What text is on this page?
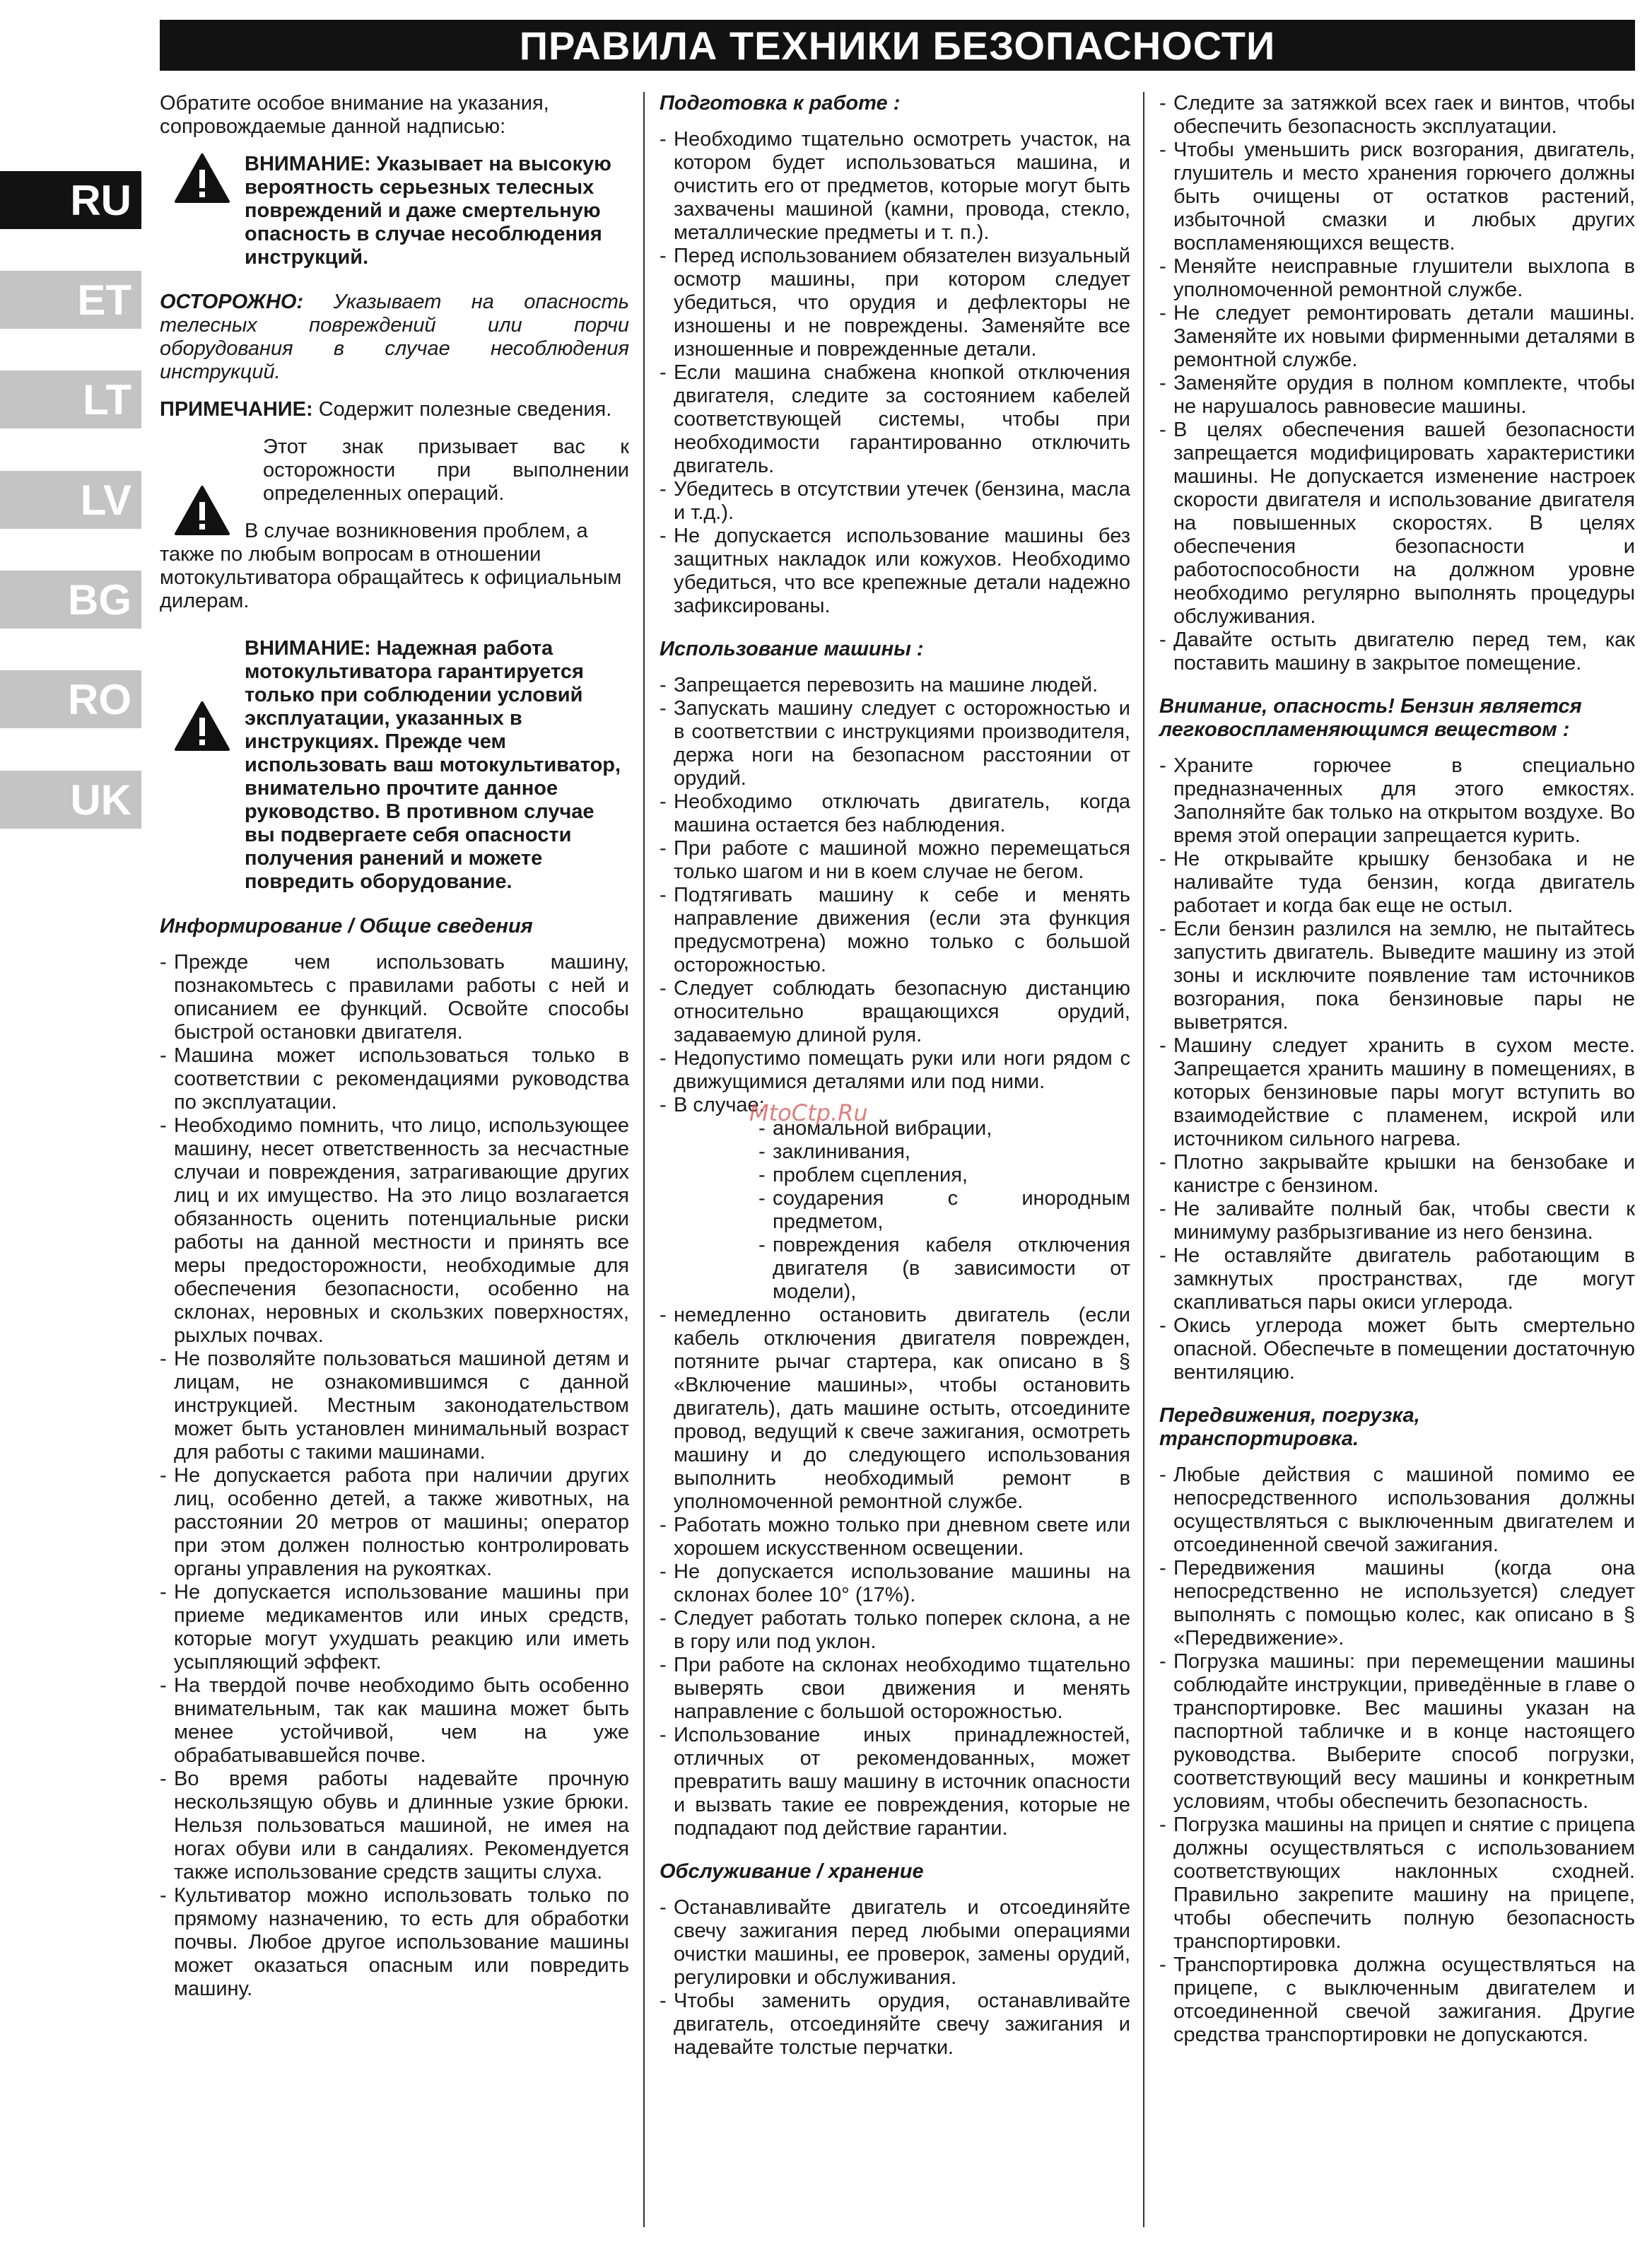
ПРАВИЛА ТЕХНИКИ БЕЗОПАСНОСТИ
RU
ET
LT
LV
BG
RO
UK

Обратите особое внимание на указания, сопровождаемые данной надписью:

ВНИМАНИЕ: Указывает на высокую вероятность серьезных телесных повреждений и даже смертельную опасность в случае несоблюдения инструкций.

ОСТОРОЖНО: Указывает на опасность телесных повреждений или порчи оборудования в случае несоблюдения инструкций.

ПРИМЕЧАНИЕ: Содержит полезные сведения.

Этот знак призывает вас к осторожности при выполнении определенных операций.
В случае возникновения проблем, а также по любым вопросам в отношении мотокультиватора обращайтесь к официальным дилерам.
ВНИМАНИЕ: Надежная работа мотокультиватора гарантируется только при соблюдении условий эксплуатации, указанных в инструкциях. Прежде чем использовать ваш мотокультиватор, внимательно прочтите данное руководство. В противном случае вы подвергаете себя опасности получения ранений и можете повредить оборудование.
Информирование / Общие сведения
- Прежде чем использовать машину, познакомьтесь с правилами работы с ней и описанием ее функций. Освойте способы быстрой остановки двигателя.
- Машина может использоваться только в соответствии с рекомендациями руководства по эксплуатации.
- Необходимо помнить, что лицо, использующее машину, несет ответственность за несчастные случаи и повреждения, затрагивающие других лиц и их имущество. На это лицо возлагается обязанность оценить потенциальные риски работы на данной местности и принять все меры предосторожности, необходимые для обеспечения безопасности, особенно на склонах, неровных и скользких поверхностях, рыхлых почвах.
- Не позволяйте пользоваться машиной детям и лицам, не ознакомившимся с данной инструкцией. Местным законодательством может быть установлен минимальный возраст для работы с такими машинами.
- Не допускается работа при наличии других лиц, особенно детей, а также животных, на расстоянии 20 метров от машины; оператор при этом должен полностью контролировать органы управления на рукоятках.
- Не допускается использование машины при приеме медикаментов или иных средств, которые могут ухудшать реакцию или иметь усыпляющий эффект.
- На твердой почве необходимо быть особенно внимательным, так как машина может быть менее устойчивой, чем на уже обрабатывавшейся почве.
- Во время работы надевайте прочную нескользящую обувь и длинные узкие брюки. Нельзя пользоваться машиной, не имея на ногах обуви или в сандалиях. Рекомендуется также использование средств защиты слуха.
- Культиватор можно использовать только по прямому назначению, то есть для обработки почвы. Любое другое использование машины может оказаться опасным или повредить машину.
Подготовка к работе :
- Необходимо тщательно осмотреть участок, на котором будет использоваться машина, и очистить его от предметов, которые могут быть захвачены машиной (камни, провода, стекло, металлические предметы и т. п.).
- Перед использованием обязателен визуальный осмотр машины, при котором следует убедиться, что орудия и дефлекторы не изношены и не повреждены. Заменяйте все изношенные и поврежденные детали.
- Если машина снабжена кнопкой отключения двигателя, следите за состоянием кабелей соответствующей системы, чтобы при необходимости гарантированно отключить двигатель.
- Убедитесь в отсутствии утечек (бензина, масла и т.д.).
- Не допускается использование машины без защитных накладок или кожухов. Необходимо убедиться, что все крепежные детали надежно зафиксированы.
Использование машины :
- Запрещается перевозить на машине людей.
- Запускать машину следует с осторожностью и в соответствии с инструкциями производителя, держа ноги на безопасном расстоянии от орудий.
- Необходимо отключать двигатель, когда машина остается без наблюдения.
- При работе с машиной можно перемещаться только шагом и ни в коем случае не бегом.
- Подтягивать машину к себе и менять направление движения (если эта функция предусмотрена) можно только с большой осторожностью.
- Следует соблюдать безопасную дистанцию относительно вращающихся орудий, задаваемую длиной руля.
- Недопустимо помещать руки или ноги рядом с движущимися деталями или под ними.
- В случае:
- аномальной вибрации,
- заклинивания,
- проблем сцепления,
- соударения с инородным предметом,
- повреждения кабеля отключения двигателя (в зависимости от модели),
- немедленно остановить двигатель (если кабель отключения двигателя поврежден, потяните рычаг стартера, как описано в § «Включение машины», чтобы остановить двигатель), дать машине остыть, отсоедините провод, ведущий к свече зажигания, осмотреть машину и до следующего использования выполнить необходимый ремонт в уполномоченной ремонтной службе.
- Работать можно только при дневном свете или хорошем искусственном освещении.
- Не допускается использование машины на склонах более 10° (17%).
- Следует работать только поперек склона, а не в гору или под уклон.
- При работе на склонах необходимо тщательно выверять свои движения и менять направление с большой осторожностью.
- Использование иных принадлежностей, отличных от рекомендованных, может превратить вашу машину в источник опасности и вызвать такие ее повреждения, которые не подпадают под действие гарантии.
Обслуживание / хранение
- Останавливайте двигатель и отсоединяйте свечу зажигания перед любыми операциями очистки машины, ее проверок, замены орудий, регулировки и обслуживания.
- Чтобы заменить орудия, останавливайте двигатель, отсоединяйте свечу зажигания и надевайте толстые перчатки.
- Следите за затяжкой всех гаек и винтов, чтобы обеспечить безопасность эксплуатации.
- Чтобы уменьшить риск возгорания, двигатель, глушитель и место хранения горючего должны быть очищены от остатков растений, избыточной смазки и любых других воспламеняющихся веществ.
- Меняйте неисправные глушители выхлопа в уполномоченной ремонтной службе.
- Не следует ремонтировать детали машины. Заменяйте их новыми фирменными деталями в ремонтной службе.
- Заменяйте орудия в полном комплекте, чтобы не нарушалось равновесие машины.
- В целях обеспечения вашей безопасности запрещается модифицировать характеристики машины. Не допускается изменение настроек скорости двигателя и использование двигателя на повышенных скоростях. В целях обеспечения безопасности и работоспособности на должном уровне необходимо регулярно выполнять процедуры обслуживания.
- Давайте остыть двигателю перед тем, как поставить машину в закрытое помещение.
Внимание, опасность! Бензин является легковоспламеняющимся веществом :
- Храните горючее в специально предназначенных для этого емкостях. Заполняйте бак только на открытом воздухе. Во время этой операции запрещается курить.
- Не открывайте крышку бензобака и не наливайте туда бензин, когда двигатель работает и когда бак еще не остыл.
- Если бензин разлился на землю, не пытайтесь запустить двигатель. Выведите машину из этой зоны и исключите появление там источников возгорания, пока бензиновые пары не выветрятся.
- Машину следует хранить в сухом месте. Запрещается хранить машину в помещениях, в которых бензиновые пары могут вступить во взаимодействие с пламенем, искрой или источником сильного нагрева.
- Плотно закрывайте крышки на бензобаке и канистре с бензином.
- Не заливайте полный бак, чтобы свести к минимуму разбрызгивание из него бензина.
- Не оставляйте двигатель работающим в замкнутых пространствах, где могут скапливаться пары окиси углерода.
- Окись углерода может быть смертельно опасной. Обеспечьте в помещении достаточную вентиляцию.
Передвижения, погрузка, транспортировка.
- Любые действия с машиной помимо ее непосредственного использования должны осуществляться с выключенным двигателем и отсоединенной свечой зажигания.
- Передвижения машины (когда она непосредственно не используется) следует выполнять с помощью колес, как описано в § «Передвижение».
- Погрузка машины: при перемещении машины соблюдайте инструкции, приведённые в главе о транспортировке. Вес машины указан на паспортной табличке и в конце настоящего руководства. Выберите способ погрузки, соответствующий весу машины и конкретным условиям, чтобы обеспечить безопасность.
- Погрузка машины на прицеп и снятие с прицепа должны осуществляться с использованием соответствующих наклонных сходней. Правильно закрепите машину на прицепе, чтобы обеспечить полную безопасность транспортировки.
- Транспортировка должна осуществляться на прицепе, с выключенным двигателем и отсоединенной свечой зажигания. Другие средства транспортировки не допускаются.
MtoCtp.Ru
